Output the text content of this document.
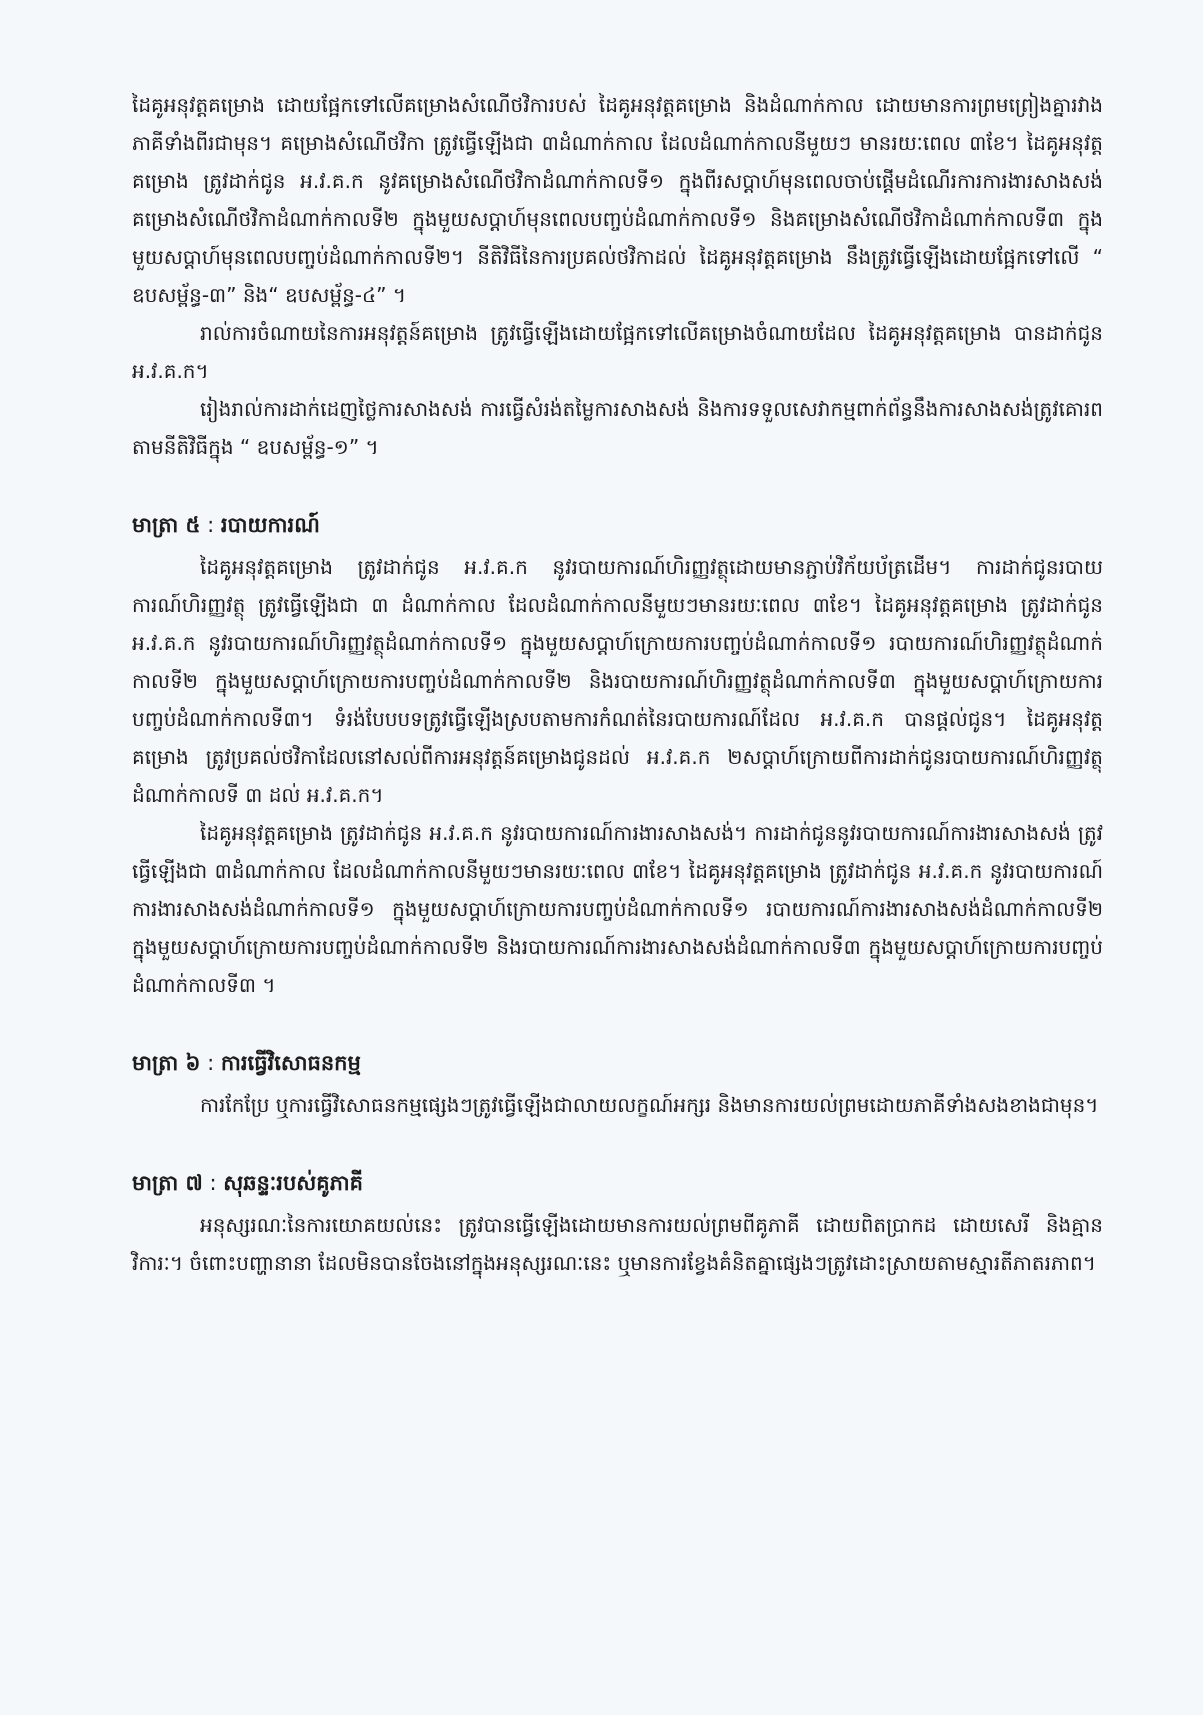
ដៃគូអនុវត្តគម្រោង ដោយផ្អែកទៅលើគម្រោងសំណើថវិការបស់ ដៃគូអនុវត្តគម្រោង និងដំណាក់កាល ដោយមានការព្រមព្រៀងគ្នារវាងភាគីទាំងពីរជាមុន។ គម្រោងសំណើថវិកា ត្រូវធ្វើឡើងជា ៣ដំណាក់កាល ដែលដំណាក់កាលនីមួយៗ មានរយៈពេល ៣ខែ។ ដៃគូអនុវត្តគម្រោង ត្រូវដាក់ជូន អ.វ.គ.ក នូវគម្រោងសំណើថវិកាដំណាក់កាលទី១ ក្នុងពីរសប្តាហ៍មុនពេលចាប់ផ្តើមដំណើរការការងារសាងសង់ គម្រោងសំណើថវិកាដំណាក់កាលទី២ ក្នុងមួយសប្តាហ៍មុនពេលបញ្ចប់ដំណាក់កាលទី១ និងគម្រោងសំណើថវិកាដំណាក់កាលទី៣ ក្នុងមួយសប្តាហ៍មុនពេលបញ្ចប់ដំណាក់កាលទី២។ នីតិវិធីនៃការប្រគល់ថវិកាដល់ ដៃគូអនុវត្តគម្រោង នឹងត្រូវធ្វើឡើងដោយផ្អែកទៅលើ “ ឧបសម្ព័ន្ធ-៣” និង“ ឧបសម្ព័ន្ធ-៤” ។

រាល់ការចំណាយនៃការអនុវត្តន៍គម្រោង ត្រូវធ្វើឡើងដោយផ្អែកទៅលើគម្រោងចំណាយដែល ដៃគូអនុវត្តគម្រោង បានដាក់ជូន អ.វ.គ.ក។

រៀងរាល់ការដាក់ដេញថ្លៃការសាងសង់ ការធ្វើសំរង់តម្លៃការសាងសង់ និងការទទួលសេវាកម្មពាក់ព័ន្ធនឹងការសាងសង់ត្រូវគោរពតាមនីតិវិធីក្នុង “ ឧបសម្ព័ន្ធ-១” ។

មាត្រា ៥ : របាយការណ៍

ដៃគូអនុវត្តគម្រោង ត្រូវដាក់ជូន អ.វ.គ.ក នូវរបាយការណ៍ហិរញ្ញវត្ថុដោយមានភ្ជាប់វិក័យប័ត្រដើម។ ការដាក់ជូនរបាយការណ៍ហិរញ្ញវត្ថុ ត្រូវធ្វើឡើងជា ៣ ដំណាក់កាល ដែលដំណាក់កាលនីមួយៗមានរយៈពេល ៣ខែ។ ដៃគូអនុវត្តគម្រោង ត្រូវដាក់ជូន អ.វ.គ.ក នូវរបាយការណ៍ហិរញ្ញវត្ថុដំណាក់កាលទី១ ក្នុងមួយសប្តាហ៍ក្រោយការបញ្ចប់ដំណាក់កាលទី១ របាយការណ៍ហិរញ្ញវត្ថុដំណាក់កាលទី២ ក្នុងមួយសប្តាហ៍ក្រោយការបញ្ចប់ដំណាក់កាលទី២ និងរបាយការណ៍ហិរញ្ញវត្ថុដំណាក់កាលទី៣ ក្នុងមួយសប្តាហ៍ក្រោយការបញ្ចប់ដំណាក់កាលទី៣។ ទំរង់បែបបទត្រូវធ្វើឡើងស្របតាមការកំណត់នៃរបាយការណ៍ដែល អ.វ.គ.ក បានផ្តល់ជូន។ ដៃគូអនុវត្តគម្រោង ត្រូវប្រគល់ថវិកាដែលនៅសល់ពីការអនុវត្តន៍គម្រោងជូនដល់ អ.វ.គ.ក ២សប្តាហ៍ក្រោយពីការដាក់ជូនរបាយការណ៍ហិរញ្ញវត្ថុដំណាក់កាលទី ៣ ដល់ អ.វ.គ.ក។

ដៃគូអនុវត្តគម្រោង ត្រូវដាក់ជូន អ.វ.គ.ក នូវរបាយការណ៍ការងារសាងសង់។ ការដាក់ជូននូវរបាយការណ៍ការងារសាងសង់ ត្រូវធ្វើឡើងជា ៣ដំណាក់កាល ដែលដំណាក់កាលនីមួយៗមានរយៈពេល ៣ខែ។ ដៃគូអនុវត្តគម្រោង ត្រូវដាក់ជូន អ.វ.គ.ក នូវរបាយការណ៍ការងារសាងសង់ដំណាក់កាលទី១ ក្នុងមួយសប្តាហ៍ក្រោយការបញ្ចប់ដំណាក់កាលទី១ របាយការណ៍ការងារសាងសង់ដំណាក់កាលទី២ ក្នុងមួយសប្តាហ៍ក្រោយការបញ្ចប់ដំណាក់កាលទី២ និងរបាយការណ៍ការងារសាងសង់ដំណាក់កាលទី៣ ក្នុងមួយសប្តាហ៍ក្រោយការបញ្ចប់ដំណាក់កាលទី៣ ។

មាត្រា ៦ : ការធ្វើវិសោធនកម្ម

ការកែប្រែ ឬការធ្វើវិសោធនកម្មផ្សេងៗត្រូវធ្វើឡើងជាលាយលក្ខណ៍អក្សរ និងមានការយល់ព្រមដោយភាគីទាំងសងខាងជាមុន។

មាត្រា ៧ : សុឆន្ទៈរបស់គូភាគី

អនុស្សរណៈនៃការយោគយល់នេះ ត្រូវបានធ្វើឡើងដោយមានការយល់ព្រមពីគូភាគី ដោយពិតប្រាកដ ដោយសេរី និងគ្មានវិការៈ។ ចំពោះបញ្ហានានា ដែលមិនបានចែងនៅក្នុងអនុស្សរណៈនេះ ឬមានការខ្វែងគំនិតគ្នាផ្សេងៗត្រូវដោះស្រាយតាមស្មារតីភាតរភាព។
